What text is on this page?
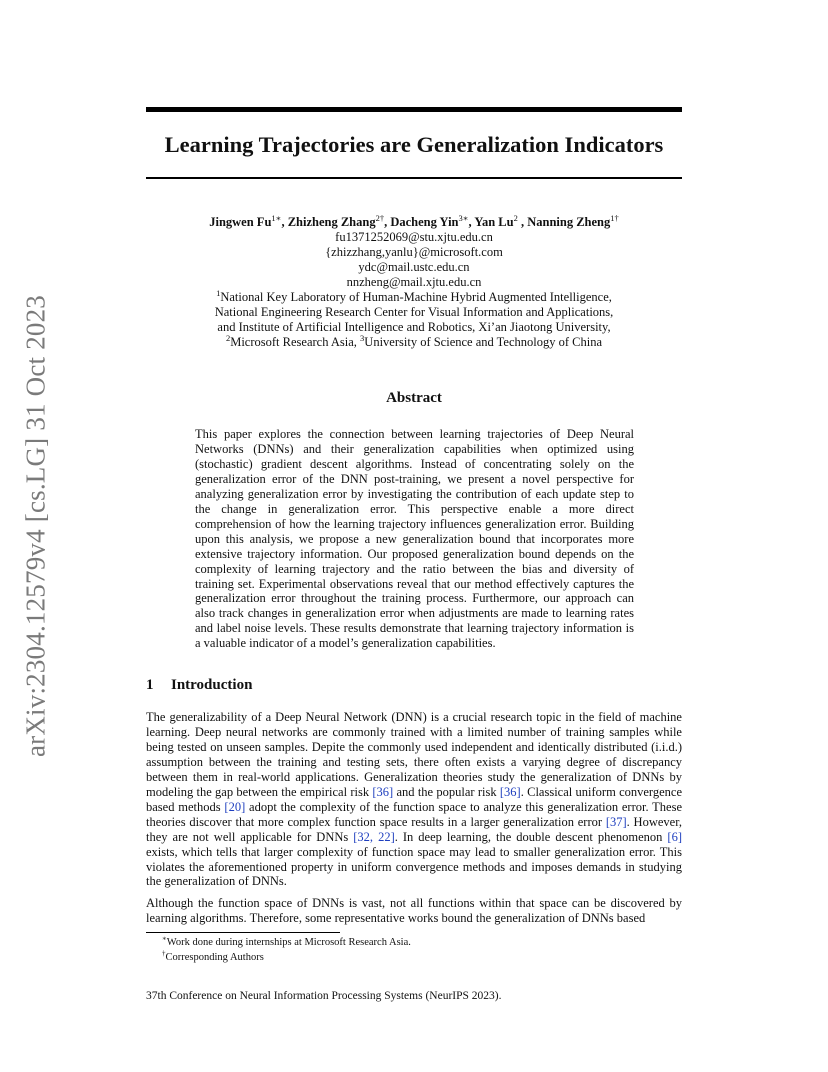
Learning Trajectories are Generalization Indicators
arXiv:2304.12579v4 [cs.LG] 31 Oct 2023
Jingwen $Fu^{1∗}$, Zhizheng Zhang$^{2\dagger}$, Dacheng Yin$^{3∗}$, Yan Lu$^2$ , Nanning Zheng$^{1\dagger}$
fu1371252069@stu.xjtu.edu.cn
{zhizzhang,yanlu}@microsoft.com
ydc@mail.ustc.edu.cn
nnzheng@mail.xjtu.edu.cn
$^1$National Key Laboratory of Human-Machine Hybrid Augmented Intelligence,
National Engineering Research Center for Visual Information and Applications,
and Institute of Artificial Intelligence and Robotics, Xi’an Jiaotong University,
$^2$Microsoft Research Asia, $^3$University of Science and Technology of China
Abstract
This paper explores the connection between learning trajectories of Deep Neural Networks (DNNs) and their generalization capabilities when optimized using (stochastic) gradient descent algorithms. Instead of concentrating solely on the generalization error of the DNN post-training, we present a novel perspective for analyzing generalization error by investigating the contribution of each update step to the change in generalization error. This perspective enable a more direct comprehension of how the learning trajectory influences generalization error. Building upon this analysis, we propose a new generalization bound that incorporates more extensive trajectory information. Our proposed generalization bound depends on the complexity of learning trajectory and the ratio between the bias and diversity of training set. Experimental observations reveal that our method effectively captures the generalization error throughout the training process. Furthermore, our approach can also track changes in generalization error when adjustments are made to learning rates and label noise levels. These results demonstrate that learning trajectory information is a valuable indicator of a model’s generalization capabilities.
1 Introduction

The generalizability of a Deep Neural Network (DNN) is a crucial research topic in the field of machine learning. Deep neural networks are commonly trained with a limited number of training samples while being tested on unseen samples. Depite the commonly used independent and identically distributed (i.i.d.) assumption between the training and testing sets, there often exists a varying degree of discrepancy between them in real-world applications. Generalization theories study the generalization of DNNs by modeling the gap between the empirical risk [36] and the popular risk [36]. Classical uniform convergence based methods [20] adopt the complexity of the function space to analyze this generalization error. These theories discover that more complex function space results in a larger generalization error [37]. However, they are not well applicable for DNNs [32, 22]. In deep learning, the double descent phenomenon [6] exists, which tells that larger complexity of function space may lead to smaller generalization error. This violates the aforementioned property in uniform convergence methods and imposes demands in studying the generalization of DNNs.

Although the function space of DNNs is vast, not all functions within that space can be discovered by learning algorithms. Therefore, some representative works bound the generalization of DNNs based

∗Work done during internships at Microsoft Research Asia.
†Corresponding Authors
37th Conference on Neural Information Processing Systems (NeurIPS 2023).
